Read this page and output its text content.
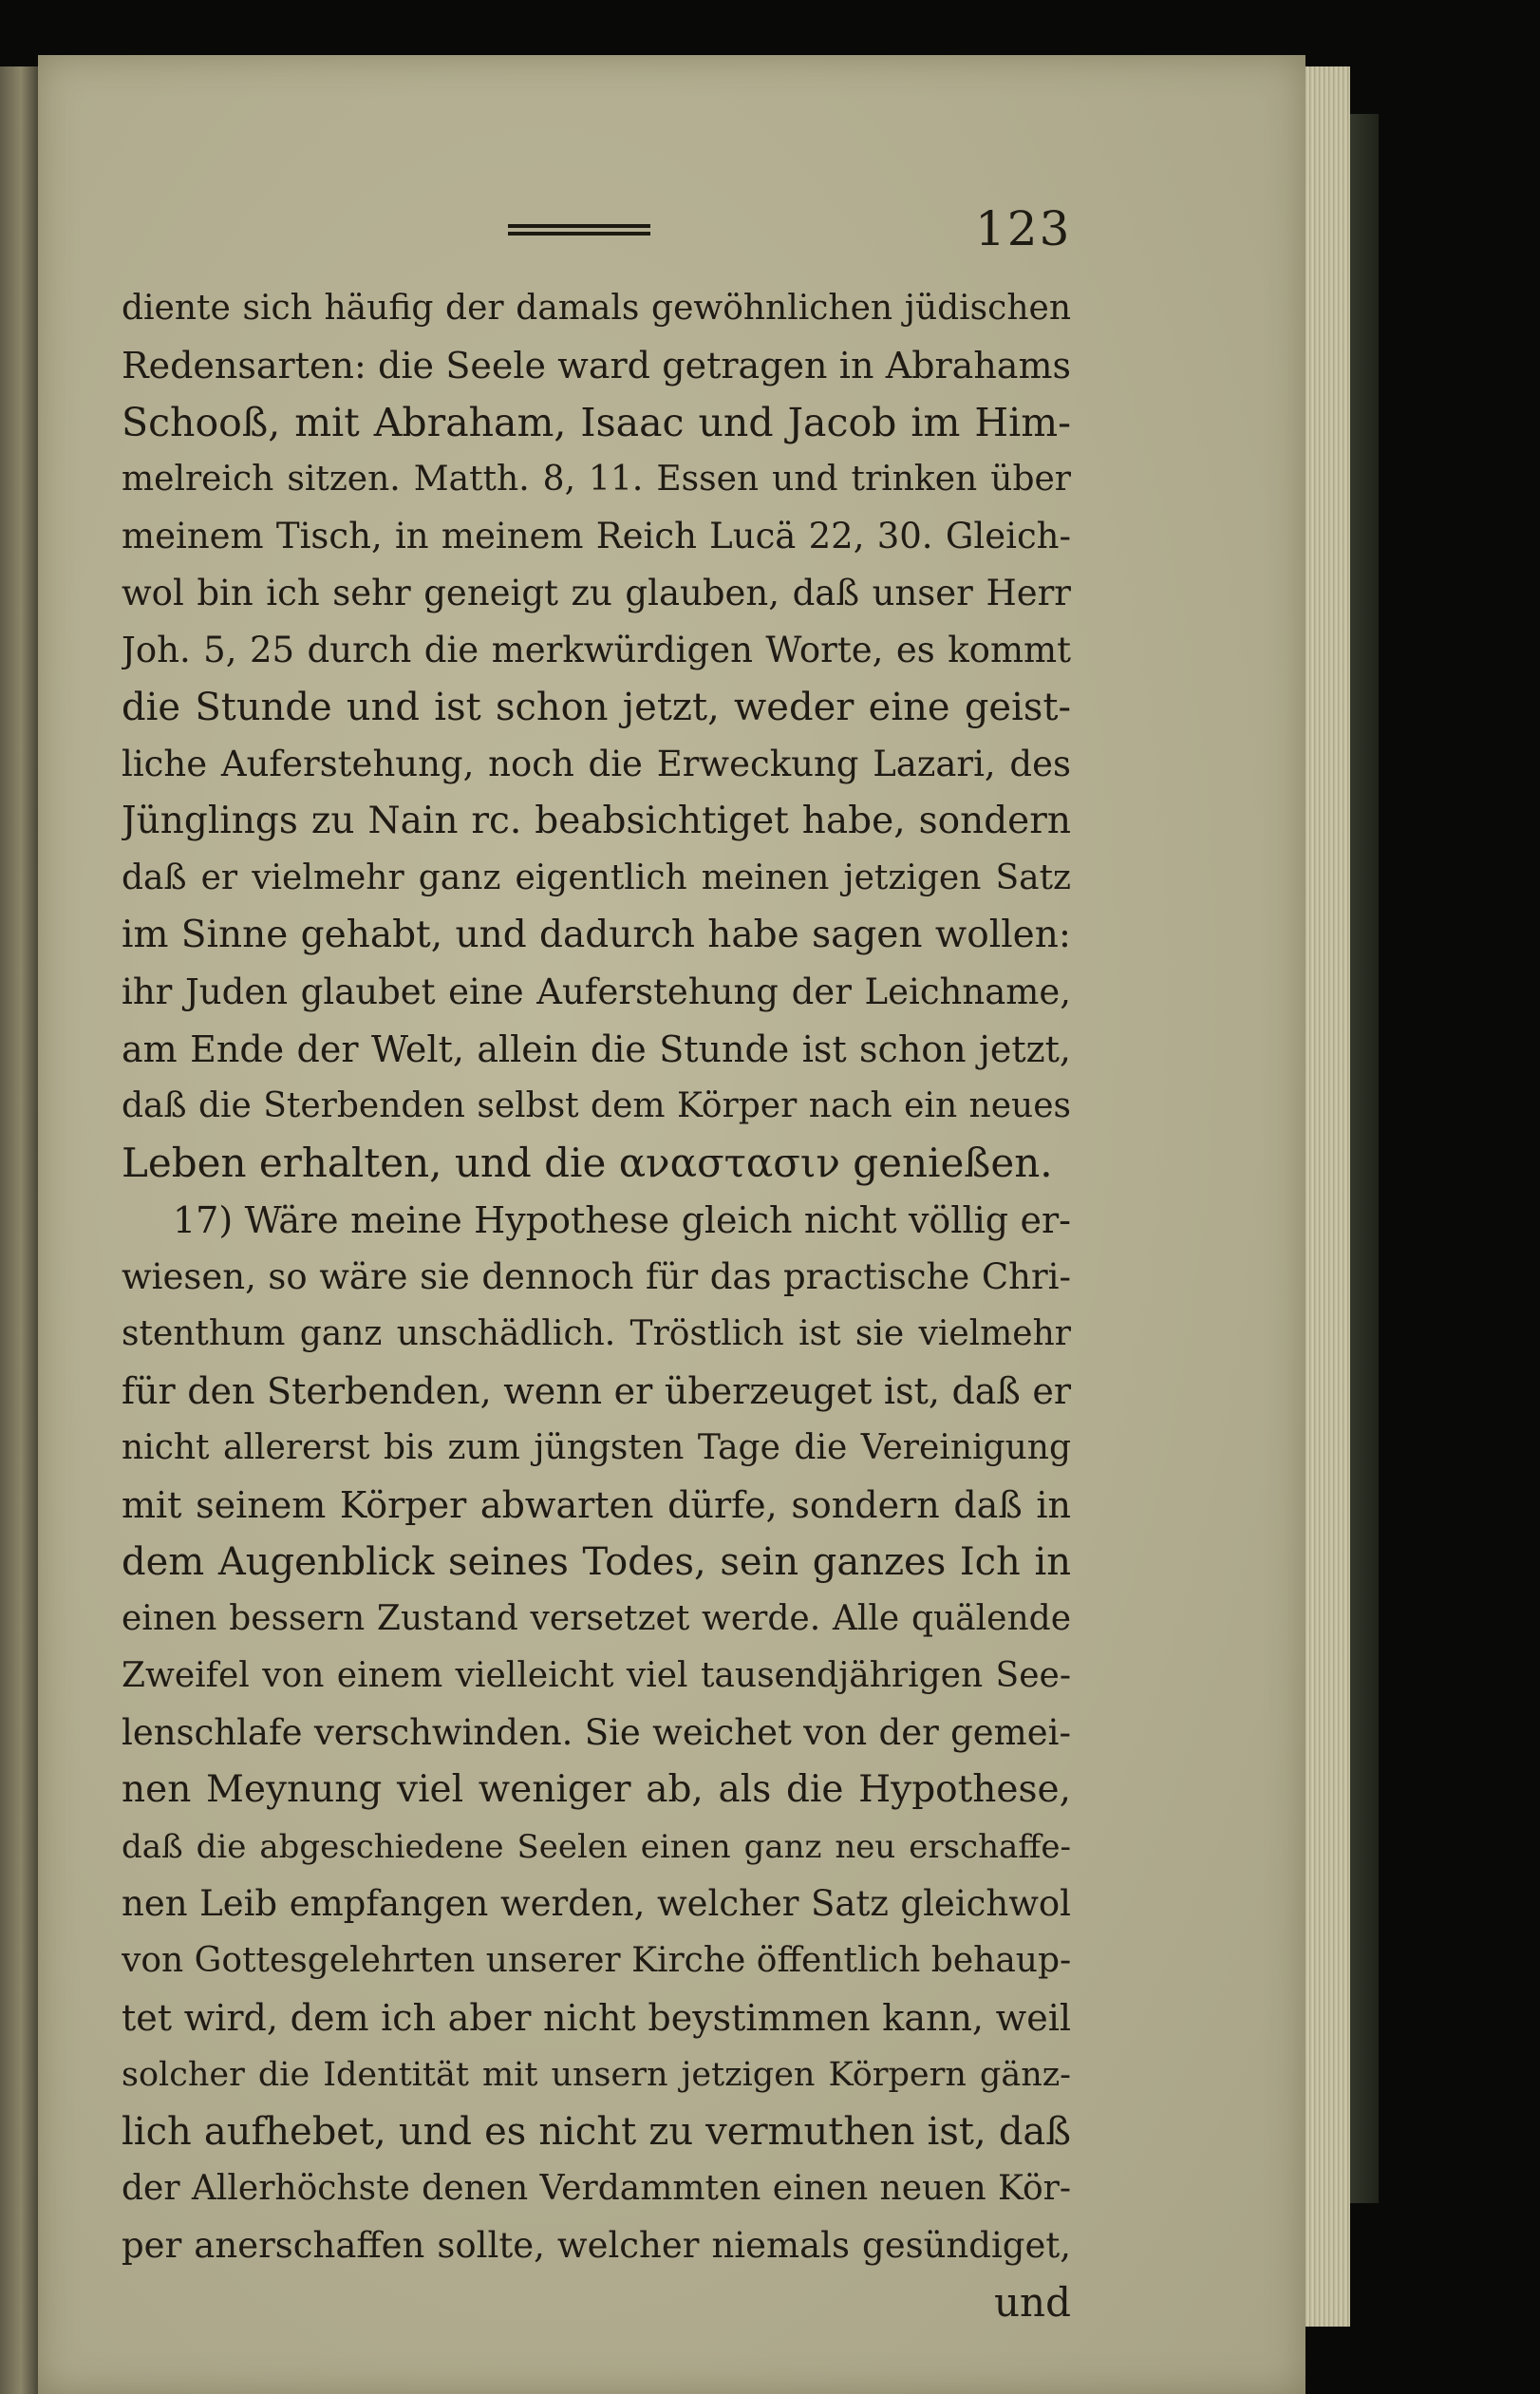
123
diente sich häufig der damals gewöhnlichen jüdischen
Redensarten: die Seele ward getragen in Abrahams
Schooß, mit Abraham, Isaac und Jacob im Him-
melreich sitzen. Matth. 8, 11. Essen und trinken über
meinem Tisch, in meinem Reich Lucä 22, 30. Gleich-
wol bin ich sehr geneigt zu glauben, daß unser Herr
Joh. 5, 25 durch die merkwürdigen Worte, es kommt
die Stunde und ist schon jetzt, weder eine geist-
liche Auferstehung, noch die Erweckung Lazari, des
Jünglings zu Nain rc. beabsichtiget habe, sondern
daß er vielmehr ganz eigentlich meinen jetzigen Satz
im Sinne gehabt, und dadurch habe sagen wollen:
ihr Juden glaubet eine Auferstehung der Leichname,
am Ende der Welt, allein die Stunde ist schon jetzt,
daß die Sterbenden selbst dem Körper nach ein neues
Leben erhalten, und die αναστασιν genießen.
17) Wäre meine Hypothese gleich nicht völlig er-
wiesen, so wäre sie dennoch für das practische Chri-
stenthum ganz unschädlich. Tröstlich ist sie vielmehr
für den Sterbenden, wenn er überzeuget ist, daß er
nicht allererst bis zum jüngsten Tage die Vereinigung
mit seinem Körper abwarten dürfe, sondern daß in
dem Augenblick seines Todes, sein ganzes Ich in
einen bessern Zustand versetzet werde. Alle quälende
Zweifel von einem vielleicht viel tausendjährigen See-
lenschlafe verschwinden. Sie weichet von der gemei-
nen Meynung viel weniger ab, als die Hypothese,
daß die abgeschiedene Seelen einen ganz neu erschaffe-
nen Leib empfangen werden, welcher Satz gleichwol
von Gottesgelehrten unserer Kirche öffentlich behaup-
tet wird, dem ich aber nicht beystimmen kann, weil
solcher die Identität mit unsern jetzigen Körpern gänz-
lich aufhebet, und es nicht zu vermuthen ist, daß
der Allerhöchste denen Verdammten einen neuen Kör-
per anerschaffen sollte, welcher niemals gesündiget,
und
